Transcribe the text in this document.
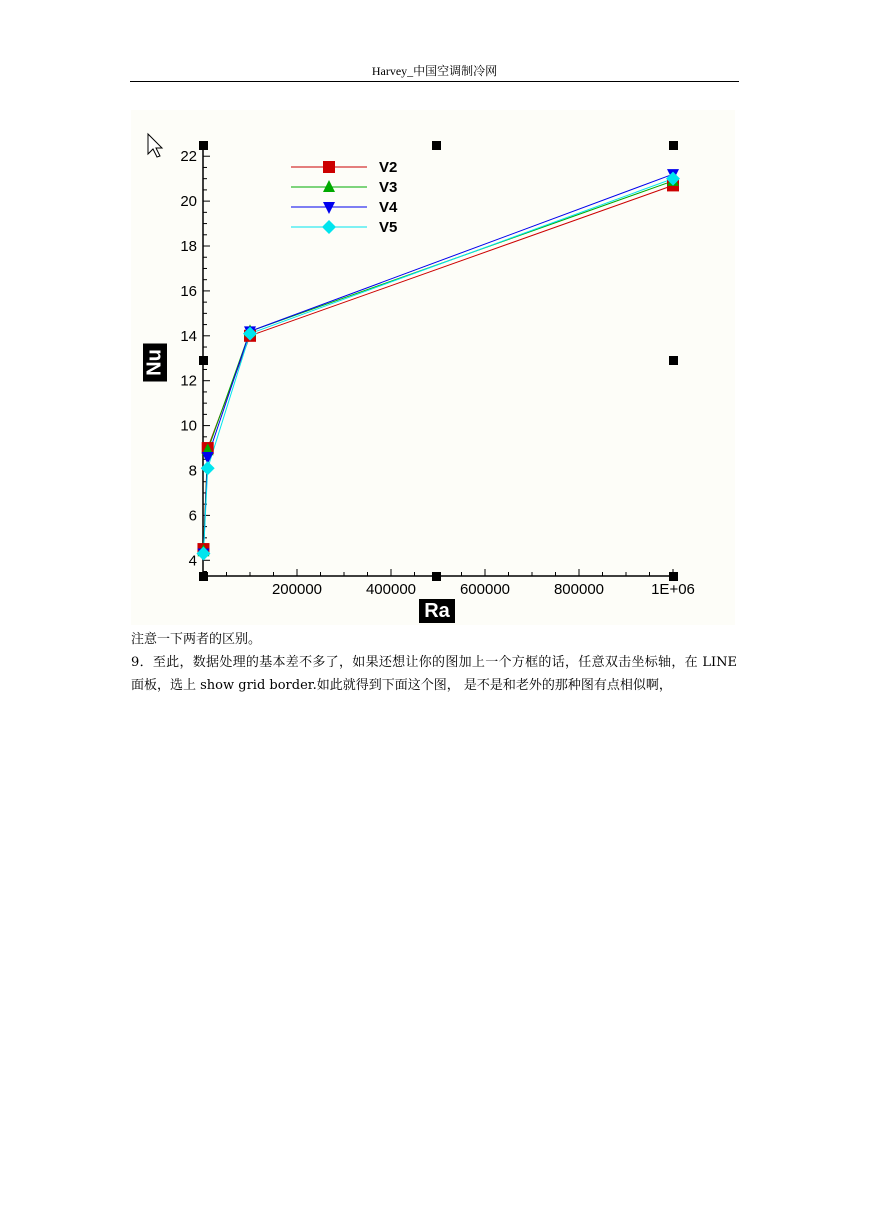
Harvey_中国空调制冷网
4
6
8
10
12
14
16
18
20
22
200000	400000	600000	800000	1E+06
Nu
Ra
V2
V3
V4
V5

注意一下两者的区别。

9．至此，数据处理的基本差不多了，如果还想让你的图加上一个方框的话，任意双击坐标轴，在 LINE 面板，选上 show grid border.如此就得到下面这个图， 是不是和老外的那种图有点相似啊，
